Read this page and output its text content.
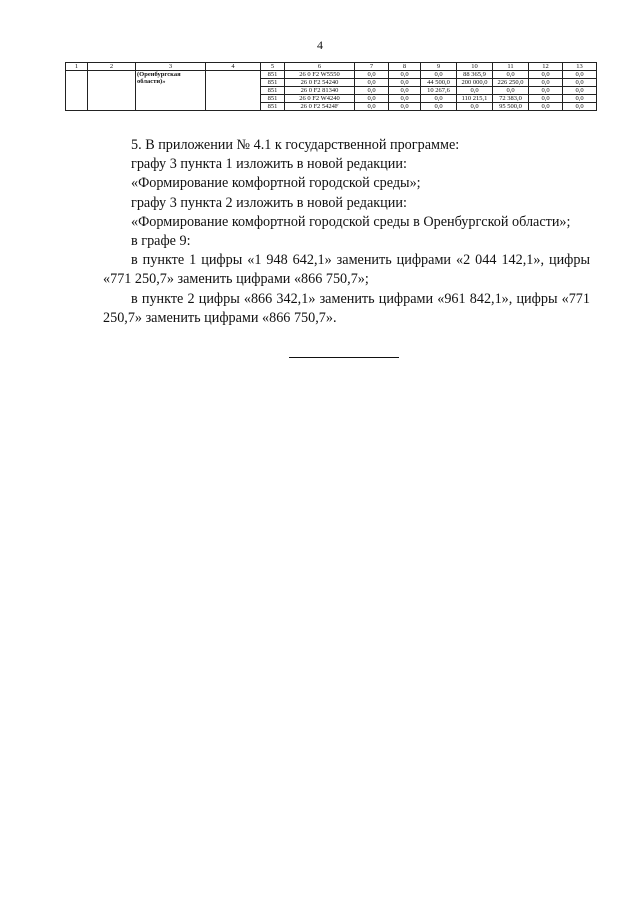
4
1	2	3	4	5	6	7	8	9	10	11	12	13
		(Оренбургская области)»		851	26 0 F2 W5550	0,0	0,0	0,0	88 365,9	0,0	0,0	0,0
				851	26 0 F2 54240	0,0	0,0	44 500,0	200 000,0	226 250,0	0,0	0,0
				851	26 0 F2 81340	0,0	0,0	10 267,6	0,0	0,0	0,0	0,0
				851	26 0 F2 W4240	0,0	0,0	0,0	110 215,1	72 383,0	0,0	0,0
				851	26 0 F2 5424F	0,0	0,0	0,0	0,0	95 500,0	0,0	0,0

5. В приложении № 4.1 к государственной программе:

графу 3 пункта 1 изложить в новой редакции:

«Формирование комфортной городской среды»;

графу 3 пункта 2 изложить в новой редакции:

«Формирование комфортной городской среды в Оренбургской области»;

в графе 9:

в пункте 1 цифры «1 948 642,1» заменить цифрами «2 044 142,1», цифры «771 250,7» заменить цифрами «866 750,7»;

в пункте 2 цифры «866 342,1» заменить цифрами «961 842,1», цифры «771 250,7» заменить цифрами «866 750,7».
